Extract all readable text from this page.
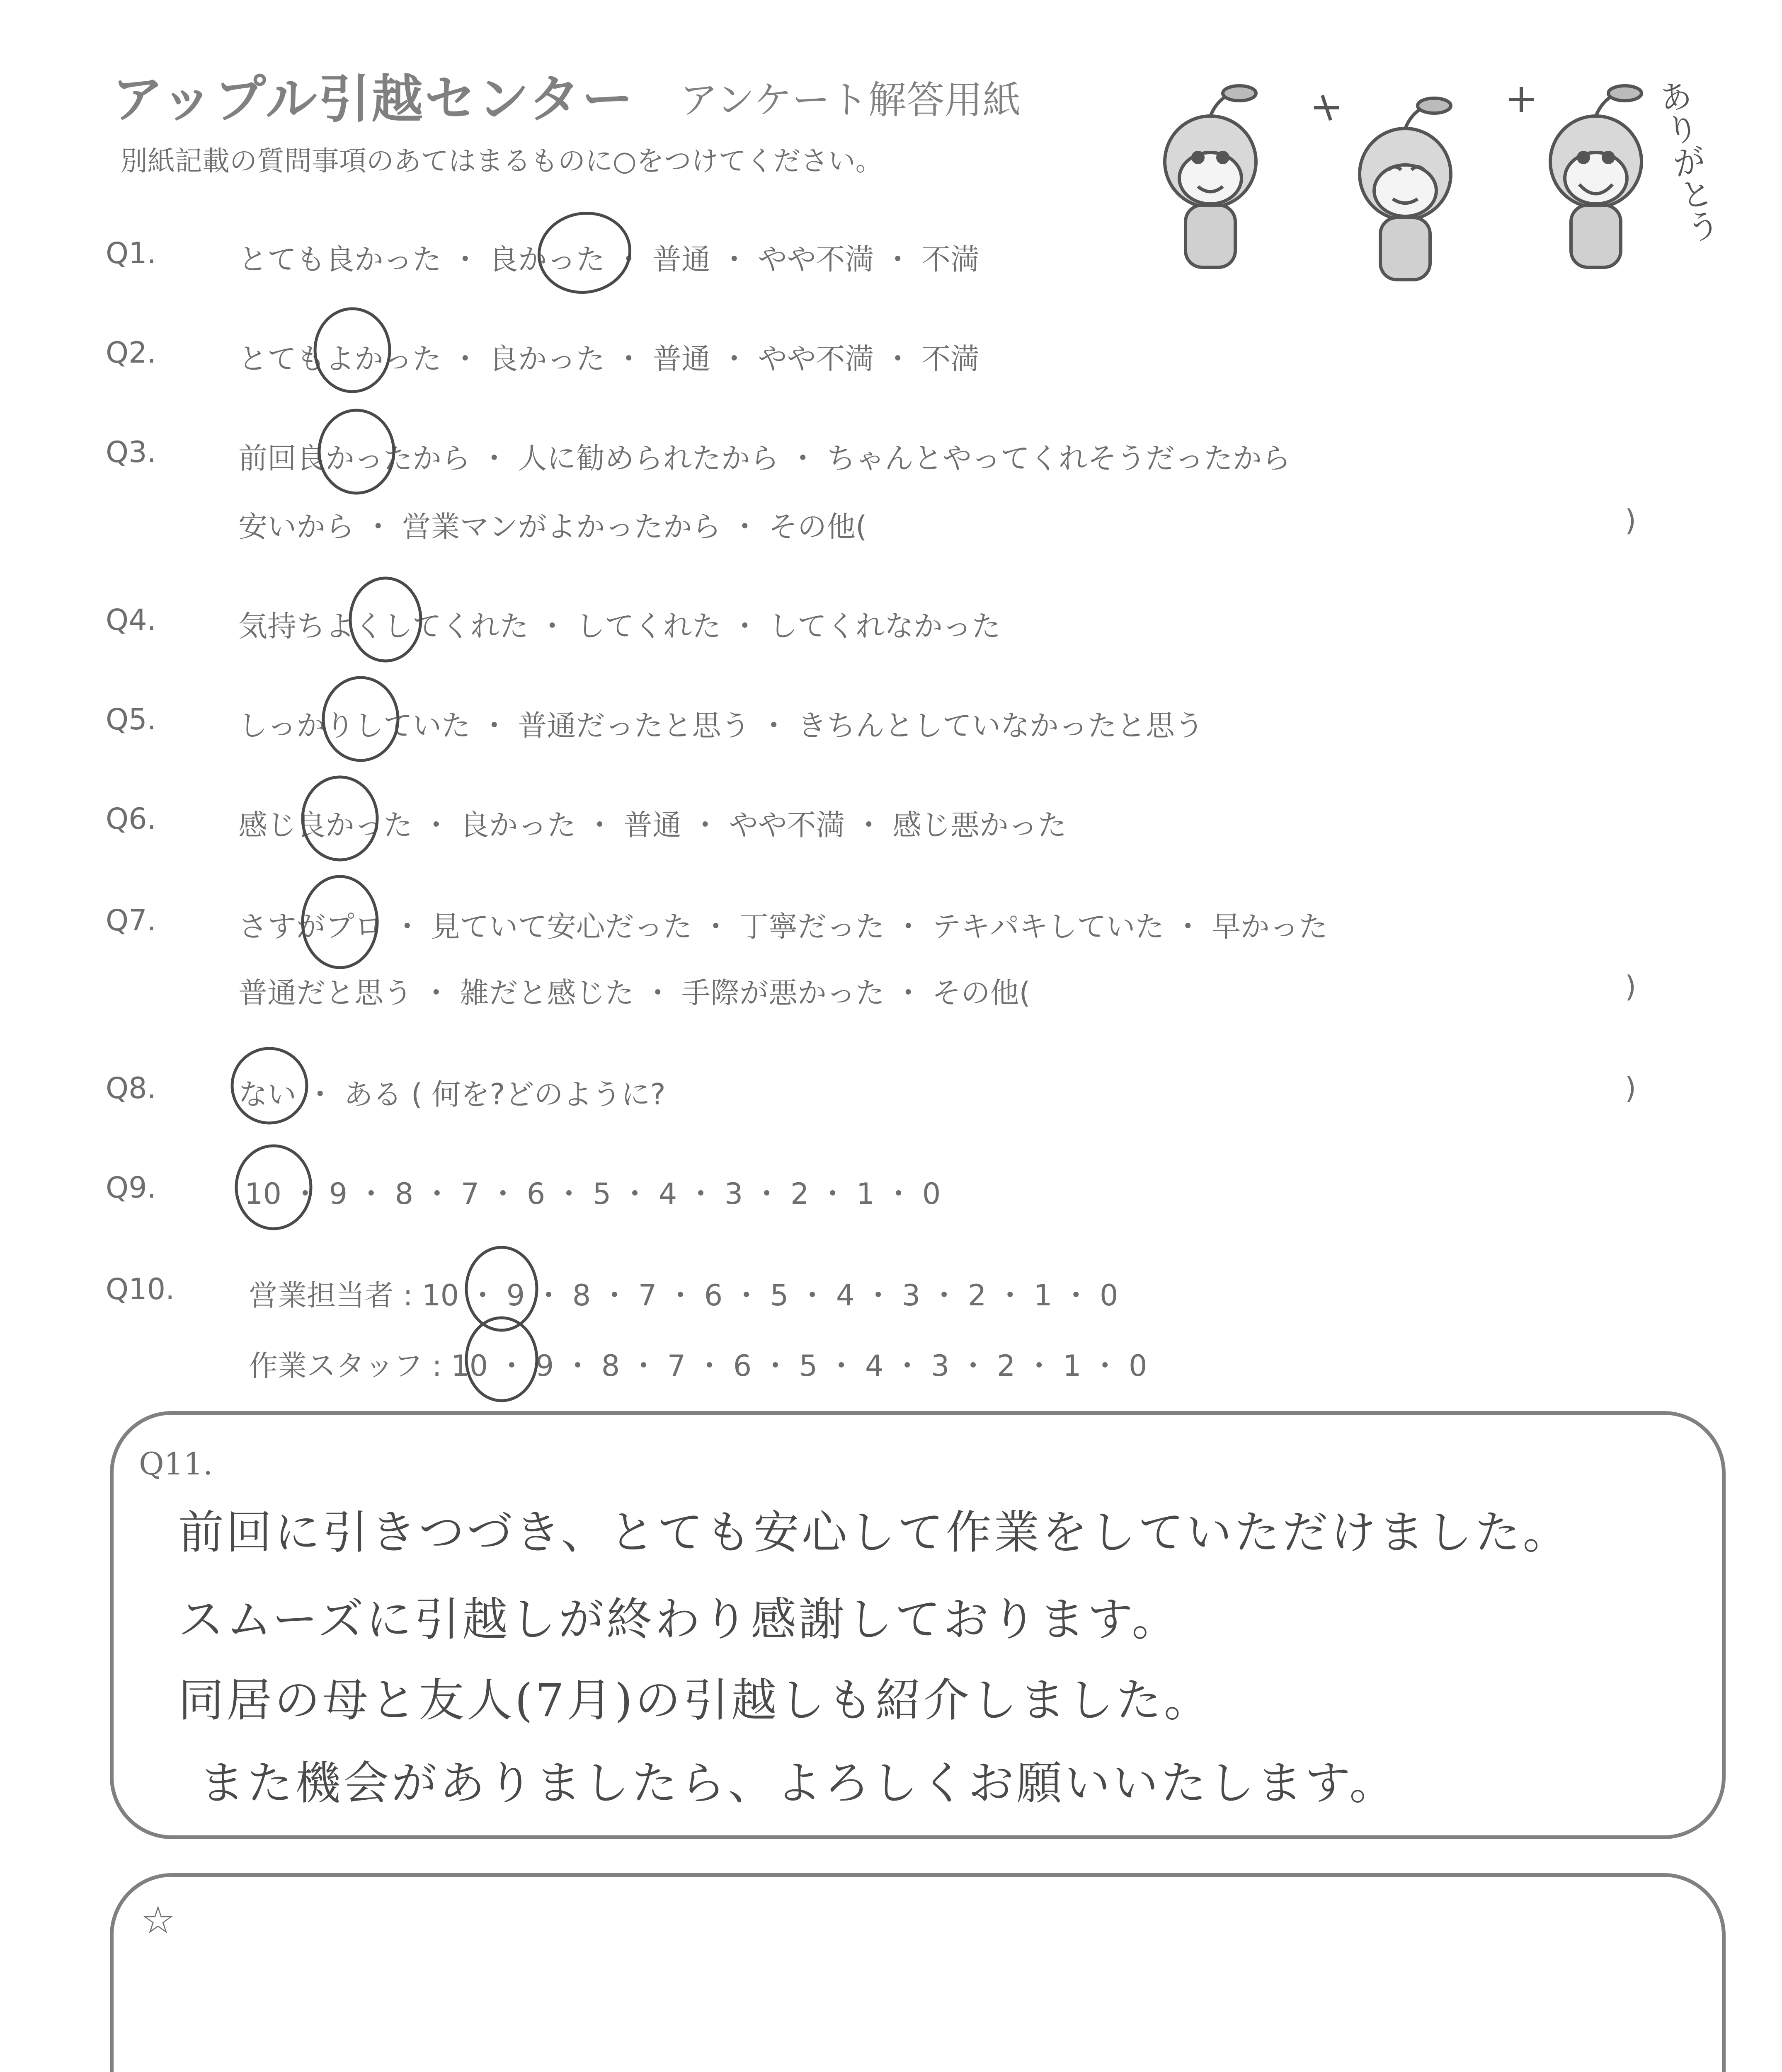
アップル引越センター アンケート解答用紙
別紙記載の質問事項のあてはまるものに○をつけてください。	ありがとう
Q1.	とても良かった ・ 良かった ・ 普通 ・ やや不満 ・ 不満
Q2.	とてもよかった ・ 良かった ・ 普通 ・ やや不満 ・ 不満
Q3.	前回良かったから ・ 人に勧められたから ・ ちゃんとやってくれそうだったから
安いから ・ 営業マンがよかったから ・ その他(	)
Q4.	気持ちよくしてくれた ・ してくれた ・ してくれなかった
Q5.	しっかりしていた ・ 普通だったと思う ・ きちんとしていなかったと思う
Q6.	感じ良かった ・ 良かった ・ 普通 ・ やや不満 ・ 感じ悪かった
Q7.	さすがプロ ・ 見ていて安心だった ・ 丁寧だった ・ テキパキしていた ・ 早かった
普通だと思う ・ 雑だと感じた ・ 手際が悪かった ・ その他(	)
Q8.	ない ・ ある ( 何を?どのように?	)
Q9.	10 ・ 9 ・ 8 ・ 7 ・ 6 ・ 5 ・ 4 ・ 3 ・ 2 ・ 1 ・ 0
Q10.	営業担当者 : 10 ・ 9 ・ 8 ・ 7 ・ 6 ・ 5 ・ 4 ・ 3 ・ 2 ・ 1 ・ 0
作業スタッフ : 10 ・ 9 ・ 8 ・ 7 ・ 6 ・ 5 ・ 4 ・ 3 ・ 2 ・ 1 ・ 0
Q11.
前回に引きつづき、とても安心して作業をしていただけました。
スムーズに引越しが終わり感謝しております。
同居の母と友人(7月)の引越しも紹介しました。
また機会がありましたら、よろしくお願いいたします。
☆
